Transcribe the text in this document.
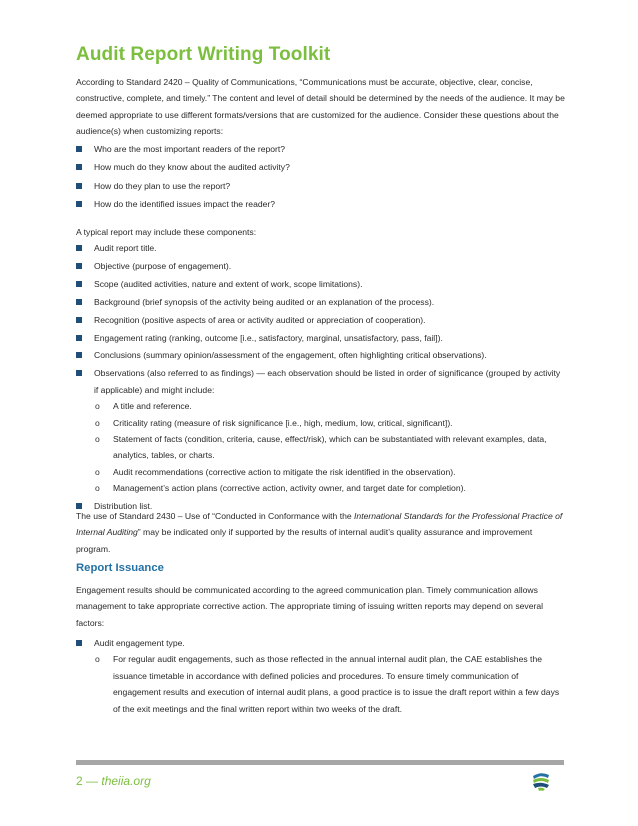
Audit Report Writing Toolkit

According to Standard 2420 – Quality of Communications, “Communications must be accurate, objective, clear, concise, constructive, complete, and timely.” The content and level of detail should be determined by the needs of the audience. It may be deemed appropriate to use different formats/versions that are customized for the audience. Consider these questions about the audience(s) when customizing reports:

Who are the most important readers of the report?
How much do they know about the audited activity?
How do they plan to use the report?
How do the identified issues impact the reader?

A typical report may include these components:

Audit report title.
Objective (purpose of engagement).
Scope (audited activities, nature and extent of work, scope limitations).
Background (brief synopsis of the activity being audited or an explanation of the process).
Recognition (positive aspects of area or activity audited or appreciation of cooperation).
Engagement rating (ranking, outcome [i.e., satisfactory, marginal, unsatisfactory, pass, fail]).
Conclusions (summary opinion/assessment of the engagement, often highlighting critical observations).
Observations (also referred to as findings) — each observation should be listed in order of significance (grouped by activity if applicable) and might include:
o A title and reference.
o Criticality rating (measure of risk significance [i.e., high, medium, low, critical, significant]).
o Statement of facts (condition, criteria, cause, effect/risk), which can be substantiated with relevant examples, data, analytics, tables, or charts.
o Audit recommendations (corrective action to mitigate the risk identified in the observation).
o Management’s action plans (corrective action, activity owner, and target date for completion).
Distribution list.

The use of Standard 2430 – Use of “Conducted in Conformance with the International Standards for the Professional Practice of Internal Auditing” may be indicated only if supported by the results of internal audit’s quality assurance and improvement program.

Report Issuance

Engagement results should be communicated according to the agreed communication plan. Timely communication allows management to take appropriate corrective action. The appropriate timing of issuing written reports may depend on several factors:

Audit engagement type.
o For regular audit engagements, such as those reflected in the annual internal audit plan, the CAE establishes the issuance timetable in accordance with defined policies and procedures. To ensure timely communication of engagement results and execution of internal audit plans, a good practice is to issue the draft report within a few days of the exit meetings and the final written report within two weeks of the draft.
2 — theiia.org
